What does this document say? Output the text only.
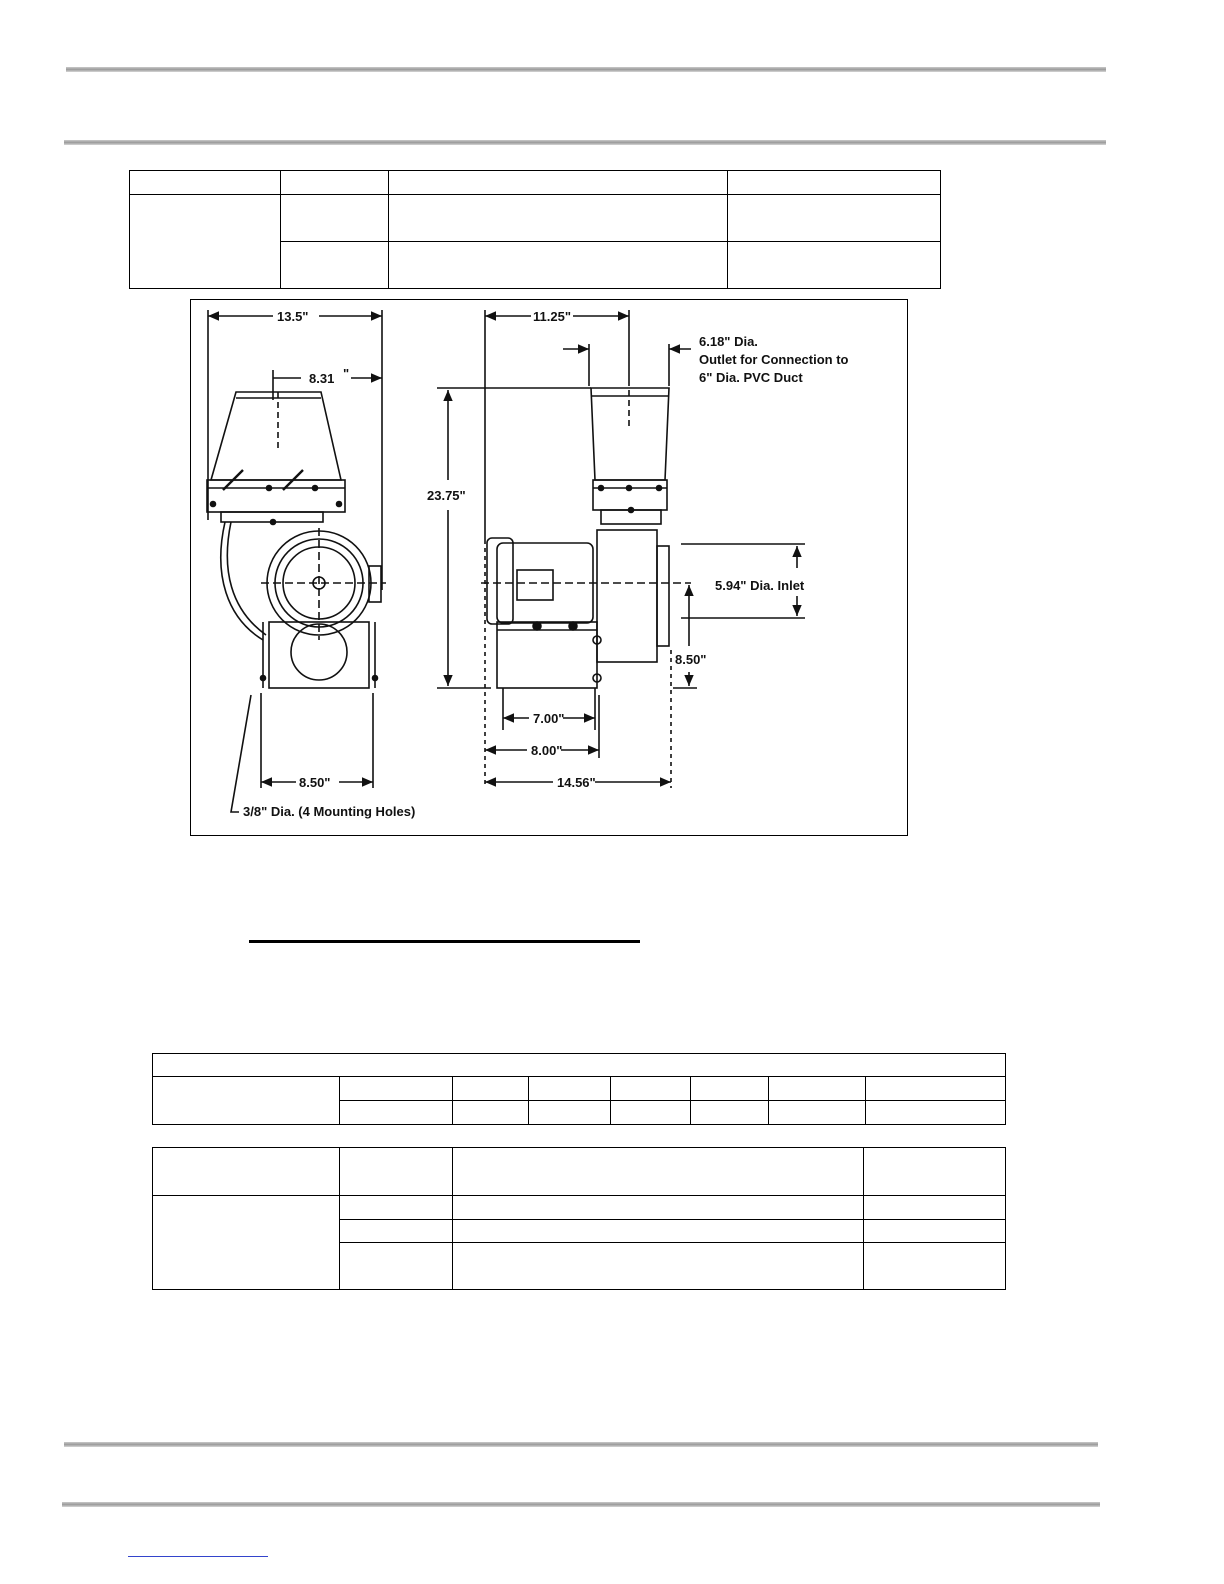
13.5"
8.31 "
8.50"
3/8" Dia. (4 Mounting Holes)
11.25"
6.18" Dia.
Outlet for Connection to
6" Dia. PVC Duct
23.75"
5.94" Dia. Inlet
8.50"
7.00"
8.00"
14.56"
